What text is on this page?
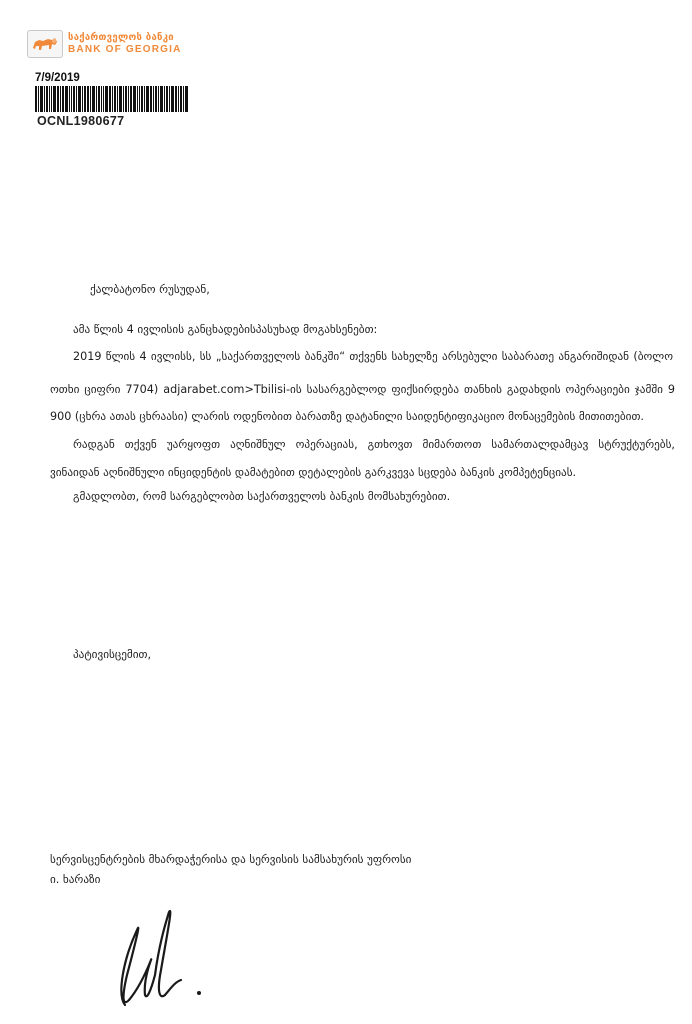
საქართველოს ბანკი
BANK OF GEORGIA
7/9/2019
OCNL1980677
ქალბატონო რუსუდან,
ამა წლის 4 ივლისის განცხადებისპასუხად მოგახსენებთ:
2019 წლის 4 ივლისს, სს „საქართველოს ბანკში“ თქვენს სახელზე არსებული საბარათე ანგარიშიდან (ბოლო
ოთხი ციფრი 7704) adjarabet.com>Tbilisi-ის სასარგებლოდ ფიქსირდება თანხის გადახდის ოპერაციები ჯამში 9
900 (ცხრა ათას ცხრაასი) ლარის ოდენობით ბარათზე დატანილი საიდენტიფიკაციო მონაცემების მითითებით.
რადგან თქვენ უარყოფთ აღნიშნულ ოპერაციას, გთხოვთ მიმართოთ სამართალდამცავ სტრუქტურებს,
ვინაიდან აღნიშნული ინციდენტის დამატებით დეტალების გარკვევა სცდება ბანკის კომპეტენციას.
გმადლობთ, რომ სარგებლობთ საქართველოს ბანკის მომსახურებით.
პატივისცემით,
სერვისცენტრების მხარდაჭერისა და სერვისის სამსახურის უფროსი
ი. ხარაზი
